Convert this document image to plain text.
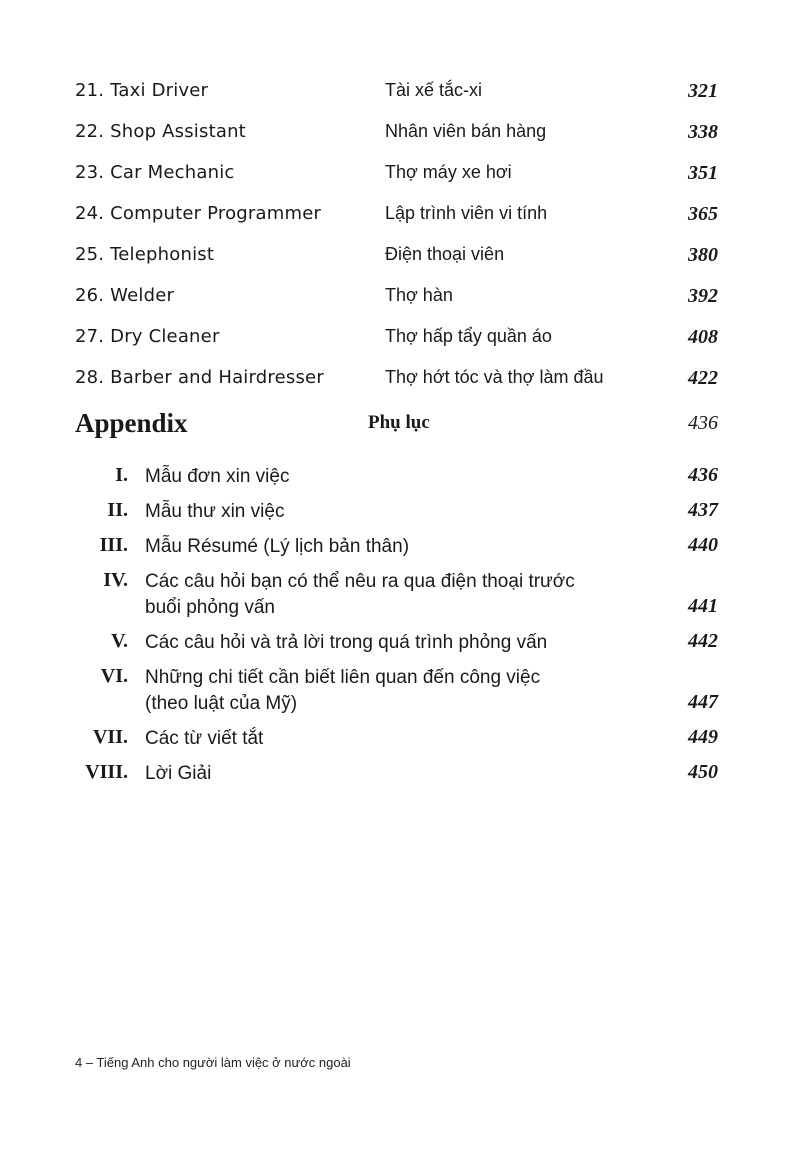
21. Taxi Driver	Tài xế tắc-xi	321
22. Shop Assistant	Nhân viên bán hàng	338
23. Car Mechanic	Thợ máy xe hơi	351
24. Computer Programmer	Lập trình viên vi tính	365
25. Telephonist	Điện thoại viên	380
26. Welder	Thợ hàn	392
27. Dry Cleaner	Thợ hấp tẩy quần áo	408
28. Barber and Hairdresser	Thợ hớt tóc và thợ làm đầu	422
Appendix	Phụ lục	436
I. Mẫu đơn xin việc	436
II. Mẫu thư xin việc	437
III. Mẫu Résumé (Lý lịch bản thân)	440
IV. Các câu hỏi bạn có thể nêu ra qua điện thoại trước
buổi phỏng vấn	441
V. Các câu hỏi và trả lời trong quá trình phỏng vấn	442
VI. Những chi tiết cần biết liên quan đến công việc
(theo luật của Mỹ)	447
VII. Các từ viết tắt	449
VIII. Lời Giải	450
4 – Tiếng Anh cho người làm việc ở nước ngoài
